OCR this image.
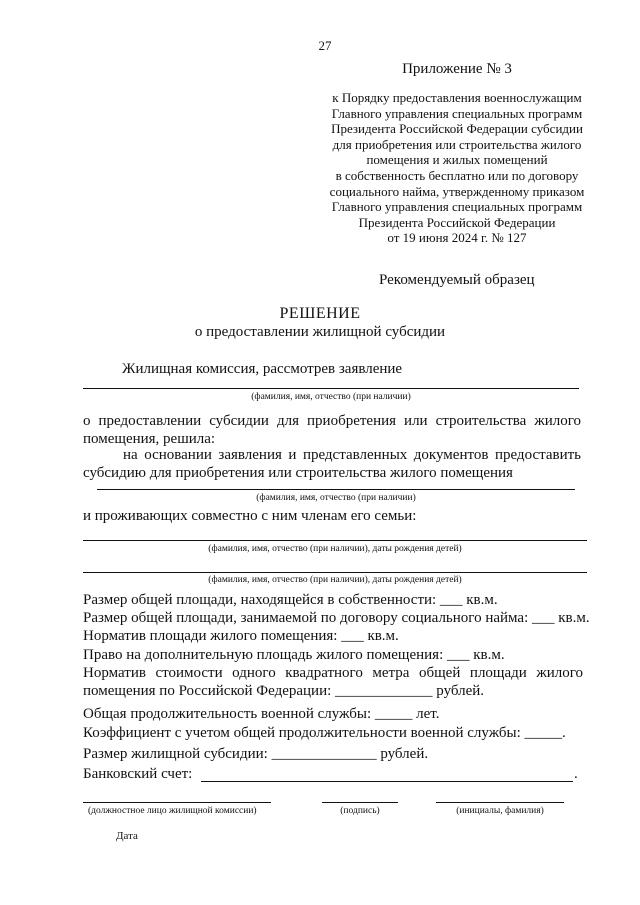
27
Приложение № 3
к Порядку предоставления военнослужащим
Главного управления специальных программ
Президента Российской Федерации субсидии
для приобретения или строительства жилого
помещения и жилых помещений
в собственность бесплатно или по договору
социального найма, утвержденному приказом
Главного управления специальных программ
Президента Российской Федерации
от 19 июня 2024 г. № 127
Рекомендуемый образец
РЕШЕНИЕ
о предоставлении жилищной субсидии
Жилищная комиссия, рассмотрев заявление
(фамилия, имя, отчество (при наличии)
о предоставлении субсидии для приобретения или строительства жилого помещения, решила:
на основании заявления и представленных документов предоставить субсидию для приобретения или строительства жилого помещения
(фамилия, имя, отчество (при наличии)
и проживающих совместно с ним членам его семьи:
(фамилия, имя, отчество (при наличии), даты рождения детей)
(фамилия, имя, отчество (при наличии), даты рождения детей)
Размер общей площади, находящейся в собственности: ___ кв.м.
Размер общей площади, занимаемой по договору социального найма: ___ кв.м.
Норматив площади жилого помещения: ___ кв.м.
Право на дополнительную площадь жилого помещения: ___ кв.м.
Норматив стоимости одного квадратного метра общей площади жилого
помещения по Российской Федерации: _____________ рублей.
Общая продолжительность военной службы: _____ лет.
Коэффициент с учетом общей продолжительности военной службы: _____.
Размер жилищной субсидии: ______________ рублей.
Банковский счет:	.
(должностное лицо жилищной комиссии)	(подпись)	(инициалы, фамилия)
Дата
